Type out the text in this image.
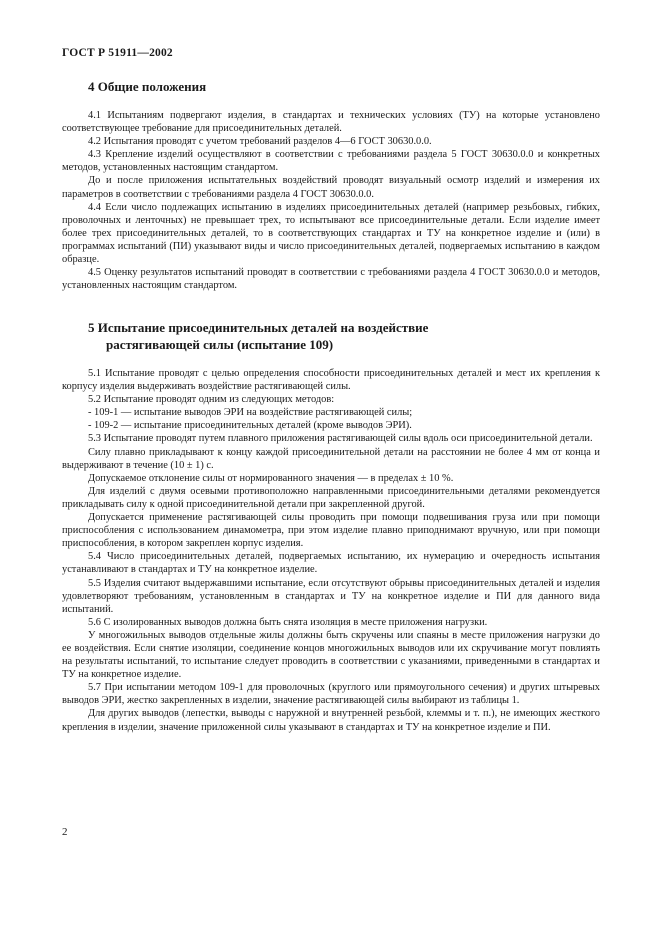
ГОСТ Р 51911—2002
4 Общие положения

4.1 Испытаниям подвергают изделия, в стандартах и технических условиях (ТУ) на которые установлено соответствующее требование для присоединительных деталей.

4.2 Испытания проводят с учетом требований разделов 4—6 ГОСТ 30630.0.0.

4.3 Крепление изделий осуществляют в соответствии с требованиями раздела 5 ГОСТ 30630.0.0 и конкретных методов, установленных настоящим стандартом.

До и после приложения испытательных воздействий проводят визуальный осмотр изделий и измерения их параметров в соответствии с требованиями раздела 4 ГОСТ 30630.0.0.

4.4 Если число подлежащих испытанию в изделиях присоединительных деталей (например резьбовых, гибких, проволочных и ленточных) не превышает трех, то испытывают все присоединительные детали. Если изделие имеет более трех присоединительных деталей, то в соответствующих стандартах и ТУ на конкретное изделие и (или) в программах испытаний (ПИ) указывают виды и число присоединительных деталей, подвергаемых испытанию в каждом образце.

4.5 Оценку результатов испытаний проводят в соответствии с требованиями раздела 4 ГОСТ 30630.0.0 и методов, установленных настоящим стандартом.

5 Испытание присоединительных деталей на воздействие
растягивающей силы (испытание 109)

5.1 Испытание проводят с целью определения способности присоединительных деталей и мест их крепления к корпусу изделия выдерживать воздействие растягивающей силы.

5.2 Испытание проводят одним из следующих методов:

- 109-1 — испытание выводов ЭРИ на воздействие растягивающей силы;

- 109-2 — испытание присоединительных деталей (кроме выводов ЭРИ).

5.3 Испытание проводят путем плавного приложения растягивающей силы вдоль оси присоединительной детали.

Силу плавно прикладывают к концу каждой присоединительной детали на расстоянии не более 4 мм от конца и выдерживают в течение (10 ± 1) с.

Допускаемое отклонение силы от нормированного значения — в пределах ± 10 %.

Для изделий с двумя осевыми противоположно направленными присоединительными деталями рекомендуется прикладывать силу к одной присоединительной детали при закрепленной другой.

Допускается применение растягивающей силы проводить при помощи подвешивания груза или при помощи приспособления с использованием динамометра, при этом изделие плавно приподнимают вручную, или при помощи приспособления, в котором закреплен корпус изделия.

5.4 Число присоединительных деталей, подвергаемых испытанию, их нумерацию и очередность испытания устанавливают в стандартах и ТУ на конкретное изделие.

5.5 Изделия считают выдержавшими испытание, если отсутствуют обрывы присоединительных деталей и изделия удовлетворяют требованиям, установленным в стандартах и ТУ на конкретное изделие и ПИ для данного вида испытаний.

5.6 С изолированных выводов должна быть снята изоляция в месте приложения нагрузки.

У многожильных выводов отдельные жилы должны быть скручены или спаяны в месте приложения нагрузки до ее воздействия. Если снятие изоляции, соединение концов многожильных выводов или их скручивание могут повлиять на результаты испытаний, то испытание следует проводить в соответствии с указаниями, приведенными в стандартах и ТУ на конкретное изделие.

5.7 При испытании методом 109-1 для проволочных (круглого или прямоугольного сечения) и других штыревых выводов ЭРИ, жестко закрепленных в изделии, значение растягивающей силы выбирают из таблицы 1.

Для других выводов (лепестки, выводы с наружной и внутренней резьбой, клеммы и т. п.), не имеющих жесткого крепления в изделии, значение приложенной силы указывают в стандартах и ТУ на конкретное изделие и ПИ.

2
